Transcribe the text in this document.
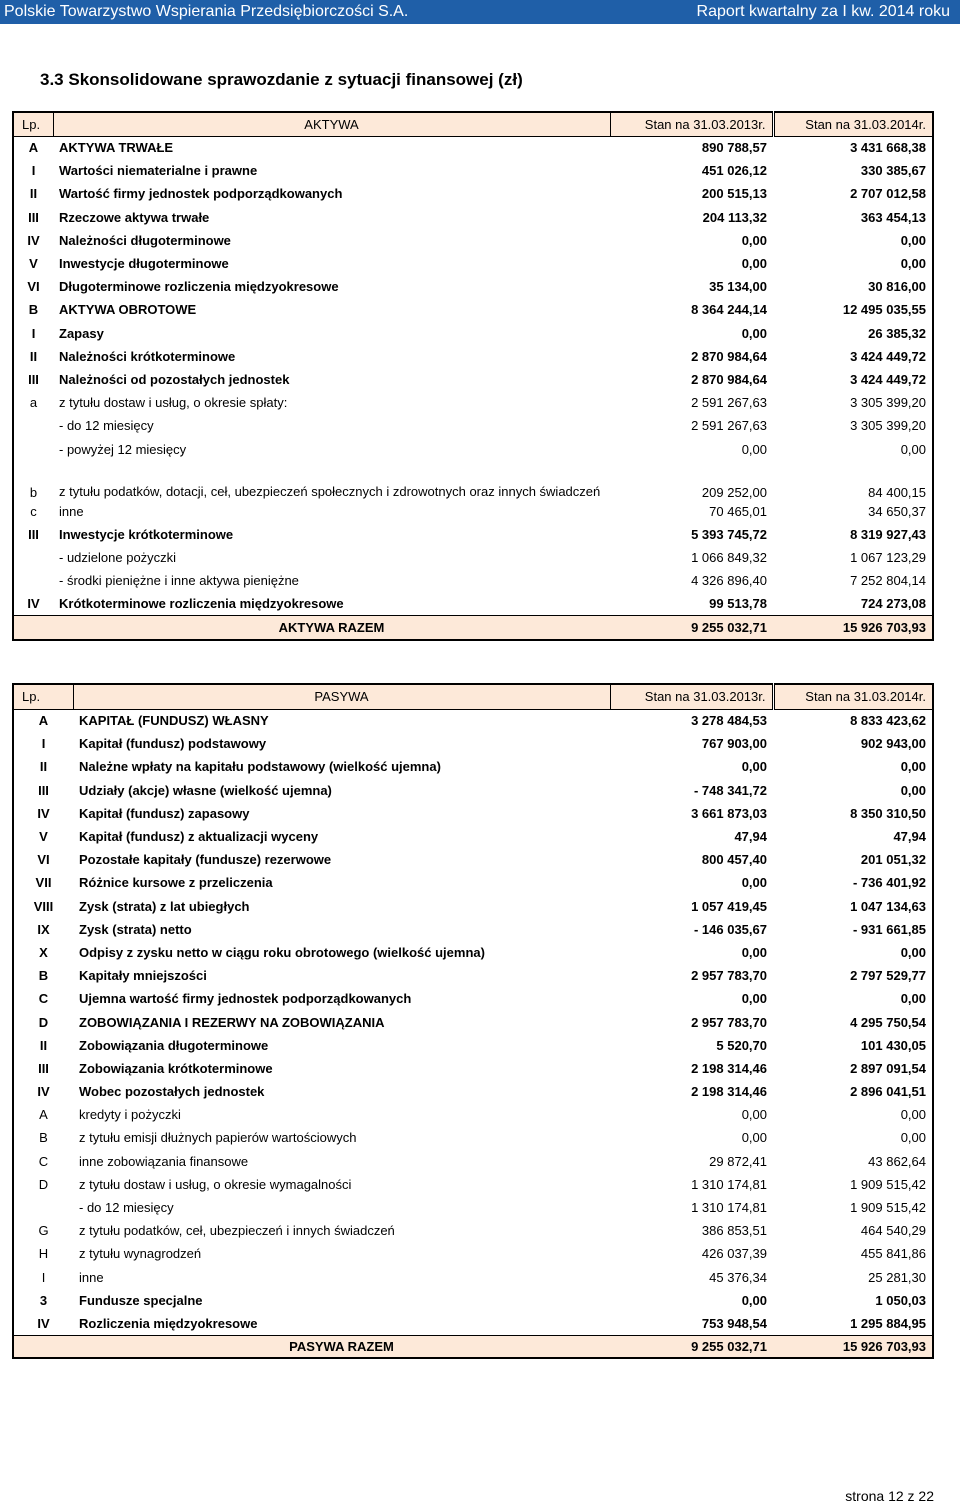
Polskie Towarzystwo Wspierania Przedsiębiorczości S.A.	Raport kwartalny za I kw. 2014 roku
3.3 Skonsolidowane sprawozdanie z sytuacji finansowej (zł)
Lp.	AKTYWA	Stan na 31.03.2013r.	Stan na 31.03.2014r.
A	AKTYWA TRWAŁE	890 788,57	3 431 668,38
I	Wartości niematerialne i prawne	451 026,12	330 385,67
II	Wartość firmy jednostek podporządkowanych	200 515,13	2 707 012,58
III	Rzeczowe aktywa trwałe	204 113,32	363 454,13
IV	Należności długoterminowe	0,00	0,00
V	Inwestycje długoterminowe	0,00	0,00
VI	Długoterminowe rozliczenia międzyokresowe	35 134,00	30 816,00
B	AKTYWA OBROTOWE	8 364 244,14	12 495 035,55
I	Zapasy	0,00	26 385,32
II	Należności krótkoterminowe	2 870 984,64	3 424 449,72
III	Należności od pozostałych jednostek	2 870 984,64	3 424 449,72
a	z tytułu dostaw i usług, o okresie spłaty:	2 591 267,63	3 305 399,20
	- do 12 miesięcy	2 591 267,63	3 305 399,20
	- powyżej 12 miesięcy	0,00	0,00
b	z tytułu podatków, dotacji, ceł, ubezpieczeń społecznych i zdrowotnych oraz innych świadczeń	209 252,00	84 400,15
c	inne	70 465,01	34 650,37
III	Inwestycje krótkoterminowe	5 393 745,72	8 319 927,43
	- udzielone pożyczki	1 066 849,32	1 067 123,29
	- środki pieniężne i inne aktywa pieniężne	4 326 896,40	7 252 804,14
IV	Krótkoterminowe rozliczenia międzyokresowe	99 513,78	724 273,08
	AKTYWA RAZEM	9 255 032,71	15 926 703,93
Lp.	PASYWA	Stan na 31.03.2013r.	Stan na 31.03.2014r.
A	KAPITAŁ (FUNDUSZ) WŁASNY	3 278 484,53	8 833 423,62
I	Kapitał (fundusz) podstawowy	767 903,00	902 943,00
II	Należne wpłaty na kapitału podstawowy (wielkość ujemna)	0,00	0,00
III	Udziały (akcje) własne (wielkość ujemna)	- 748 341,72	0,00
IV	Kapitał (fundusz) zapasowy	3 661 873,03	8 350 310,50
V	Kapitał (fundusz) z aktualizacji wyceny	47,94	47,94
VI	Pozostałe kapitały (fundusze) rezerwowe	800 457,40	201 051,32
VII	Różnice kursowe z przeliczenia	0,00	- 736 401,92
VIII	Zysk (strata) z lat ubiegłych	1 057 419,45	1 047 134,63
IX	Zysk (strata) netto	- 146 035,67	- 931 661,85
X	Odpisy z zysku netto w ciągu roku obrotowego (wielkość ujemna)	0,00	0,00
B	Kapitały mniejszości	2 957 783,70	2 797 529,77
C	Ujemna wartość firmy jednostek podporządkowanych	0,00	0,00
D	ZOBOWIĄZANIA I REZERWY NA ZOBOWIĄZANIA	2 957 783,70	4 295 750,54
II	Zobowiązania długoterminowe	5 520,70	101 430,05
III	Zobowiązania krótkoterminowe	2 198 314,46	2 897 091,54
IV	Wobec pozostałych jednostek	2 198 314,46	2 896 041,51
A	kredyty i pożyczki	0,00	0,00
B	z tytułu emisji dłużnych papierów wartościowych	0,00	0,00
C	inne zobowiązania finansowe	29 872,41	43 862,64
D	z tytułu dostaw i usług, o okresie wymagalności	1 310 174,81	1 909 515,42
	- do 12 miesięcy	1 310 174,81	1 909 515,42
G	z tytułu podatków, ceł, ubezpieczeń i innych świadczeń	386 853,51	464 540,29
H	z tytułu wynagrodzeń	426 037,39	455 841,86
I	inne	45 376,34	25 281,30
3	Fundusze specjalne	0,00	1 050,03
IV	Rozliczenia międzyokresowe	753 948,54	1 295 884,95
	PASYWA RAZEM	9 255 032,71	15 926 703,93
strona 12 z 22
